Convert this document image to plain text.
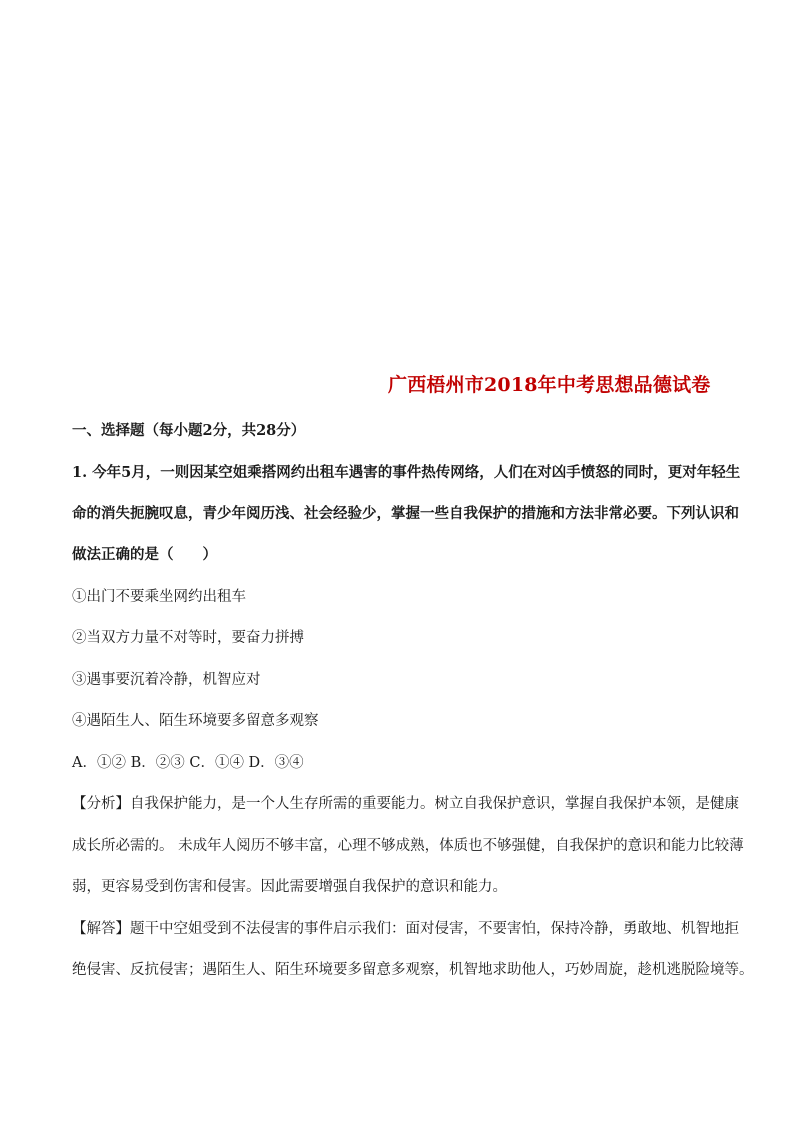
广西梧州市2018年中考思想品德试卷
一、选择题（每小题2分，共28分）
1. 今年5月，一则因某空姐乘搭网约出租车遇害的事件热传网络，人们在对凶手愤怒的同时，更对年轻生
命的消失扼腕叹息，青少年阅历浅、社会经验少，掌握一些自我保护的措施和方法非常必要。下列认识和
做法正确的是（　　）
①出门不要乘坐网约出租车
②当双方力量不对等时，要奋力拼搏
③遇事要沉着冷静，机智应对
④遇陌生人、陌生环境要多留意多观察
A．①② B．②③ C．①④ D．③④
【分析】自我保护能力，是一个人生存所需的重要能力。树立自我保护意识，掌握自我保护本领，是健康
成长所必需的。 未成年人阅历不够丰富，心理不够成熟，体质也不够强健，自我保护的意识和能力比较薄
弱，更容易受到伤害和侵害。因此需要增强自我保护的意识和能力。
【解答】题干中空姐受到不法侵害的事件启示我们：面对侵害，不要害怕，保持冷静，勇敢地、机智地拒
绝侵害、反抗侵害；遇陌生人、陌生环境要多留意多观察，机智地求助他人，巧妙周旋，趁机逃脱险境等。
